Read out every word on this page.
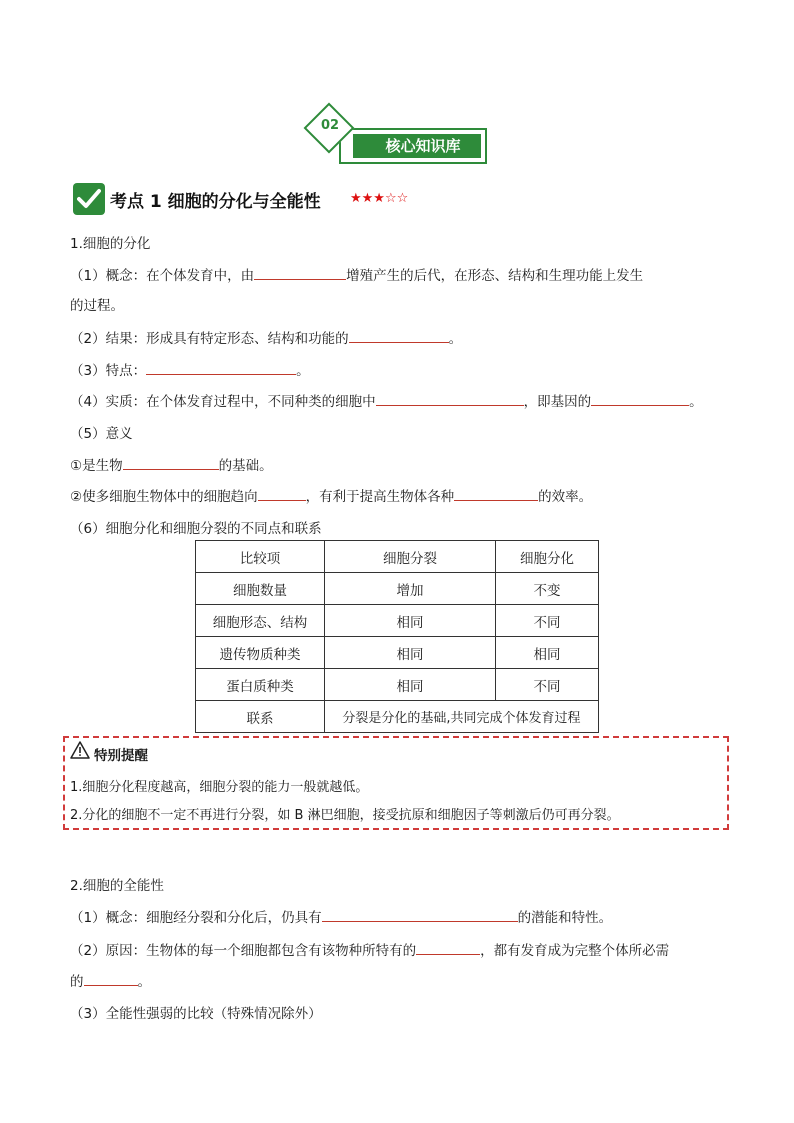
核心知识库
02
考点 1 细胞的分化与全能性 ★★★☆☆
1.细胞的分化
（1）概念：在个体发育中，由	增殖产生的后代，在形态、结构和生理功能上发生
的过程。
（2）结果：形成具有特定形态、结构和功能的	。
（3）特点：	。
（4）实质：在个体发育过程中，不同种类的细胞中	，即基因的	。
（5）意义
①是生物	的基础。
②使多细胞生物体中的细胞趋向	，有利于提高生物体各种	的效率。
（6）细胞分化和细胞分裂的不同点和联系
比较项	细胞分裂	细胞分化
细胞数量	增加	不变
细胞形态、结构	相同	不同
遗传物质种类	相同	相同
蛋白质种类	相同	不同
联系	分裂是分化的基础,共同完成个体发育过程	
特别提醒
1.细胞分化程度越高，细胞分裂的能力一般就越低。
2.分化的细胞不一定不再进行分裂，如 B 淋巴细胞，接受抗原和细胞因子等刺激后仍可再分裂。
2.细胞的全能性
（1）概念：细胞经分裂和分化后，仍具有	的潜能和特性。
（2）原因：生物体的每一个细胞都包含有该物种所特有的	，都有发育成为完整个体所必需
的	。
（3）全能性强弱的比较（特殊情况除外）
